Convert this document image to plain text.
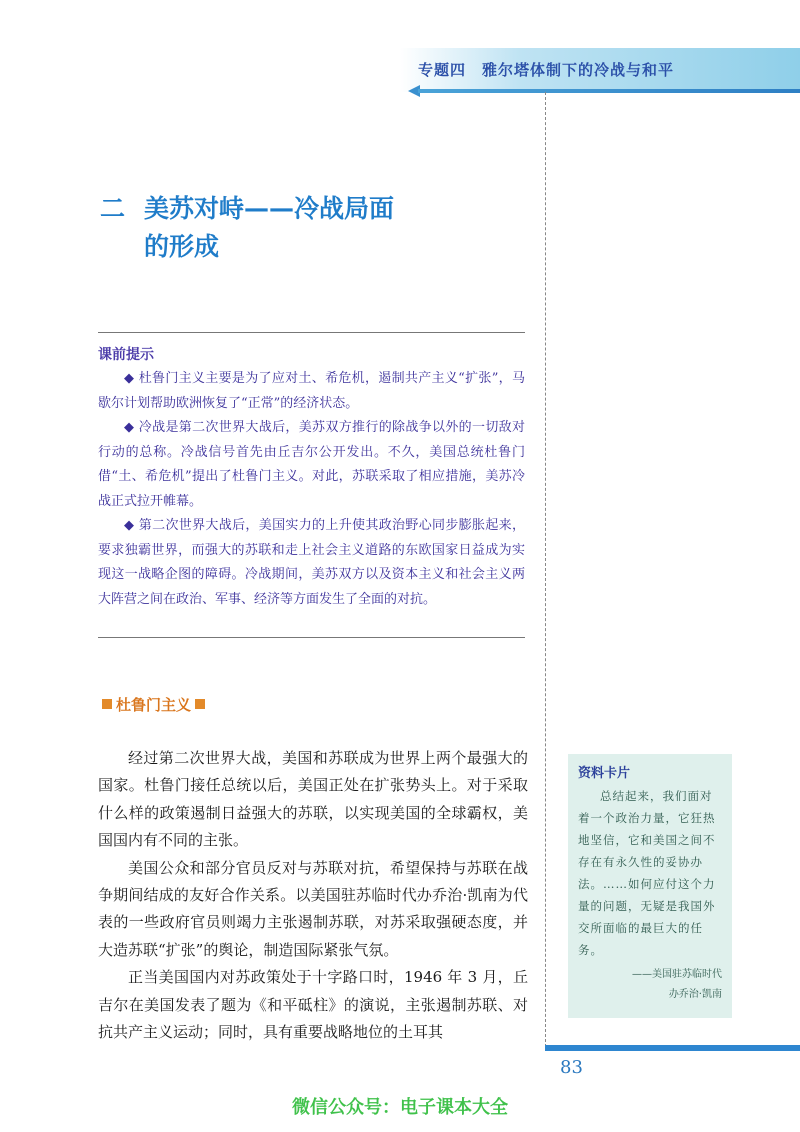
专题四　雅尔塔体制下的冷战与和平
二 美苏对峙——冷战局面
的形成
课前提示

◆ 杜鲁门主义主要是为了应对土、希危机，遏制共产主义“扩张”，马歇尔计划帮助欧洲恢复了“正常”的经济状态。

◆ 冷战是第二次世界大战后，美苏双方推行的除战争以外的一切敌对行动的总称。冷战信号首先由丘吉尔公开发出。不久，美国总统杜鲁门借“土、希危机”提出了杜鲁门主义。对此，苏联采取了相应措施，美苏冷战正式拉开帷幕。

◆ 第二次世界大战后，美国实力的上升使其政治野心同步膨胀起来，要求独霸世界，而强大的苏联和走上社会主义道路的东欧国家日益成为实现这一战略企图的障碍。冷战期间，美苏双方以及资本主义和社会主义两大阵营之间在政治、军事、经济等方面发生了全面的对抗。

杜鲁门主义

经过第二次世界大战，美国和苏联成为世界上两个最强大的国家。杜鲁门接任总统以后，美国正处在扩张势头上。对于采取什么样的政策遏制日益强大的苏联，以实现美国的全球霸权，美国国内有不同的主张。

美国公众和部分官员反对与苏联对抗，希望保持与苏联在战争期间结成的友好合作关系。以美国驻苏临时代办乔治·凯南为代表的一些政府官员则竭力主张遏制苏联，对苏采取强硬态度，并大造苏联“扩张”的舆论，制造国际紧张气氛。

正当美国国内对苏政策处于十字路口时，1946 年 3 月，丘吉尔在美国发表了题为《和平砥柱》的演说，主张遏制苏联、对抗共产主义运动；同时，具有重要战略地位的土耳其

资料卡片

总结起来，我们面对着一个政治力量，它狂热地坚信，它和美国之间不存在有永久性的妥协办法。……如何应付这个力量的问题，无疑是我国外交所面临的最巨大的任务。

——美国驻苏临时代
办乔治·凯南
83
微信公众号：电子课本大全
